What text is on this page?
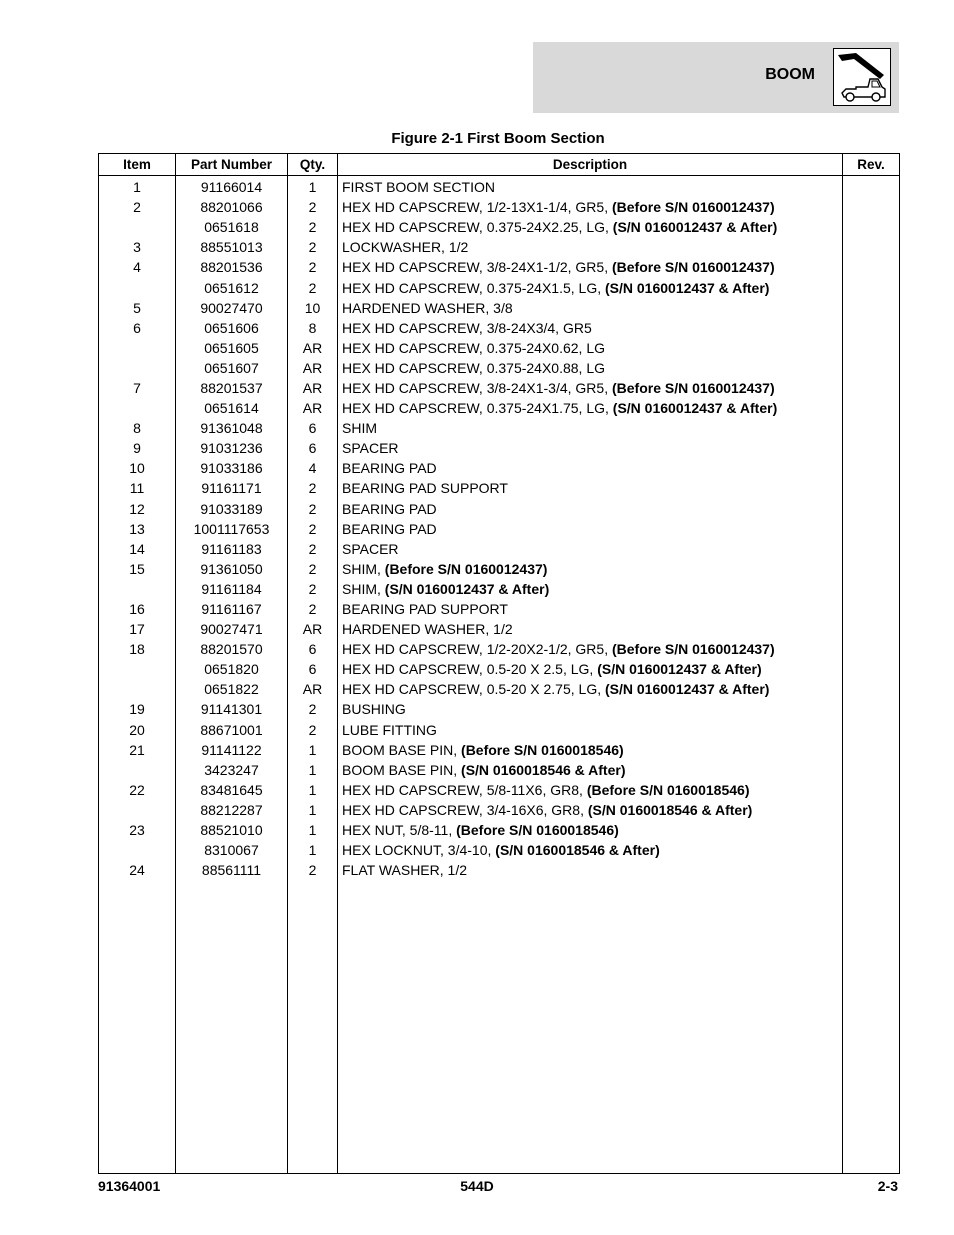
BOOM
Figure 2-1 First Boom Section
Item	Part Number	Qty.	Description	Rev.
1	91166014	1	FIRST BOOM SECTION	
2	88201066	2	HEX HD CAPSCREW, 1/2-13X1-1/4, GR5, (Before S/N 0160012437)	
	0651618	2	HEX HD CAPSCREW, 0.375-24X2.25, LG, (S/N 0160012437 & After)	
3	88551013	2	LOCKWASHER, 1/2	
4	88201536	2	HEX HD CAPSCREW, 3/8-24X1-1/2, GR5, (Before S/N 0160012437)	
	0651612	2	HEX HD CAPSCREW, 0.375-24X1.5, LG, (S/N 0160012437 & After)	
5	90027470	10	HARDENED WASHER, 3/8	
6	0651606	8	HEX HD CAPSCREW, 3/8-24X3/4, GR5	
	0651605	AR	HEX HD CAPSCREW, 0.375-24X0.62, LG	
	0651607	AR	HEX HD CAPSCREW, 0.375-24X0.88, LG	
7	88201537	AR	HEX HD CAPSCREW, 3/8-24X1-3/4, GR5, (Before S/N 0160012437)	
	0651614	AR	HEX HD CAPSCREW, 0.375-24X1.75, LG, (S/N 0160012437 & After)	
8	91361048	6	SHIM	
9	91031236	6	SPACER	
10	91033186	4	BEARING PAD	
11	91161171	2	BEARING PAD SUPPORT	
12	91033189	2	BEARING PAD	
13	1001117653	2	BEARING PAD	
14	91161183	2	SPACER	
15	91361050	2	SHIM, (Before S/N 0160012437)	
	91161184	2	SHIM, (S/N 0160012437 & After)	
16	91161167	2	BEARING PAD SUPPORT	
17	90027471	AR	HARDENED WASHER, 1/2	
18	88201570	6	HEX HD CAPSCREW, 1/2-20X2-1/2, GR5, (Before S/N 0160012437)	
	0651820	6	HEX HD CAPSCREW, 0.5-20 X 2.5, LG, (S/N 0160012437 & After)	
	0651822	AR	HEX HD CAPSCREW, 0.5-20 X 2.75, LG, (S/N 0160012437 & After)	
19	91141301	2	BUSHING	
20	88671001	2	LUBE FITTING	
21	91141122	1	BOOM BASE PIN, (Before S/N 0160018546)	
	3423247	1	BOOM BASE PIN, (S/N 0160018546 & After)	
22	83481645	1	HEX HD CAPSCREW, 5/8-11X6, GR8, (Before S/N 0160018546)	
	88212287	1	HEX HD CAPSCREW, 3/4-16X6, GR8, (S/N 0160018546 & After)	
23	88521010	1	HEX NUT, 5/8-11, (Before S/N 0160018546)	
	8310067	1	HEX LOCKNUT, 3/4-10, (S/N 0160018546 & After)	
24	88561111	2	FLAT WASHER, 1/2	

91364001	544D	2-3
